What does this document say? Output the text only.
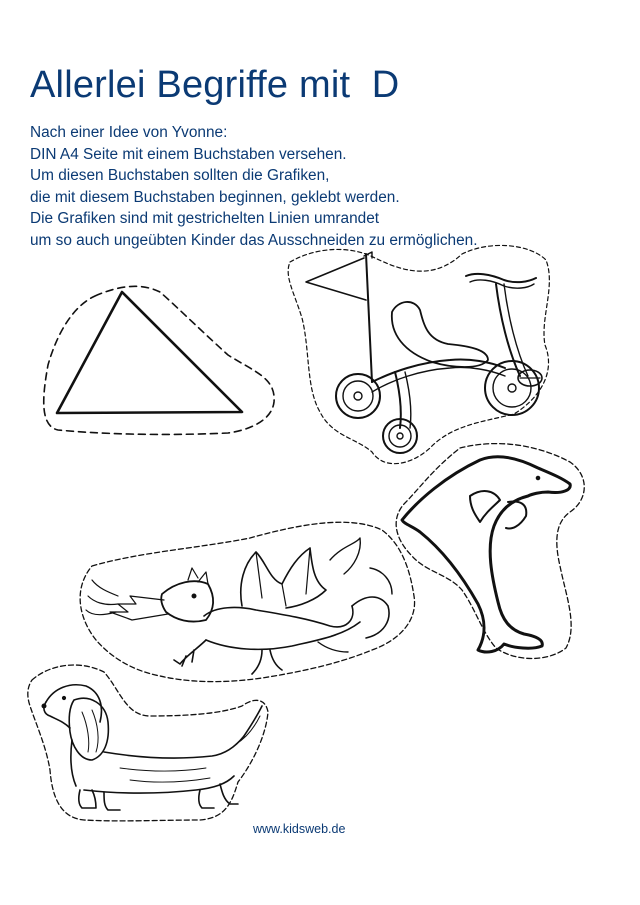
Allerlei Begriffe mit  D
Nach einer Idee von Yvonne:
DIN A4 Seite mit einem Buchstaben versehen.
Um diesen Buchstaben sollten die Grafiken,
die mit diesem Buchstaben beginnen, geklebt werden.
Die Grafiken sind mit gestrichelten Linien umrandet
um so auch ungeübten Kinder das Ausschneiden zu ermöglichen.
www.kidsweb.de
